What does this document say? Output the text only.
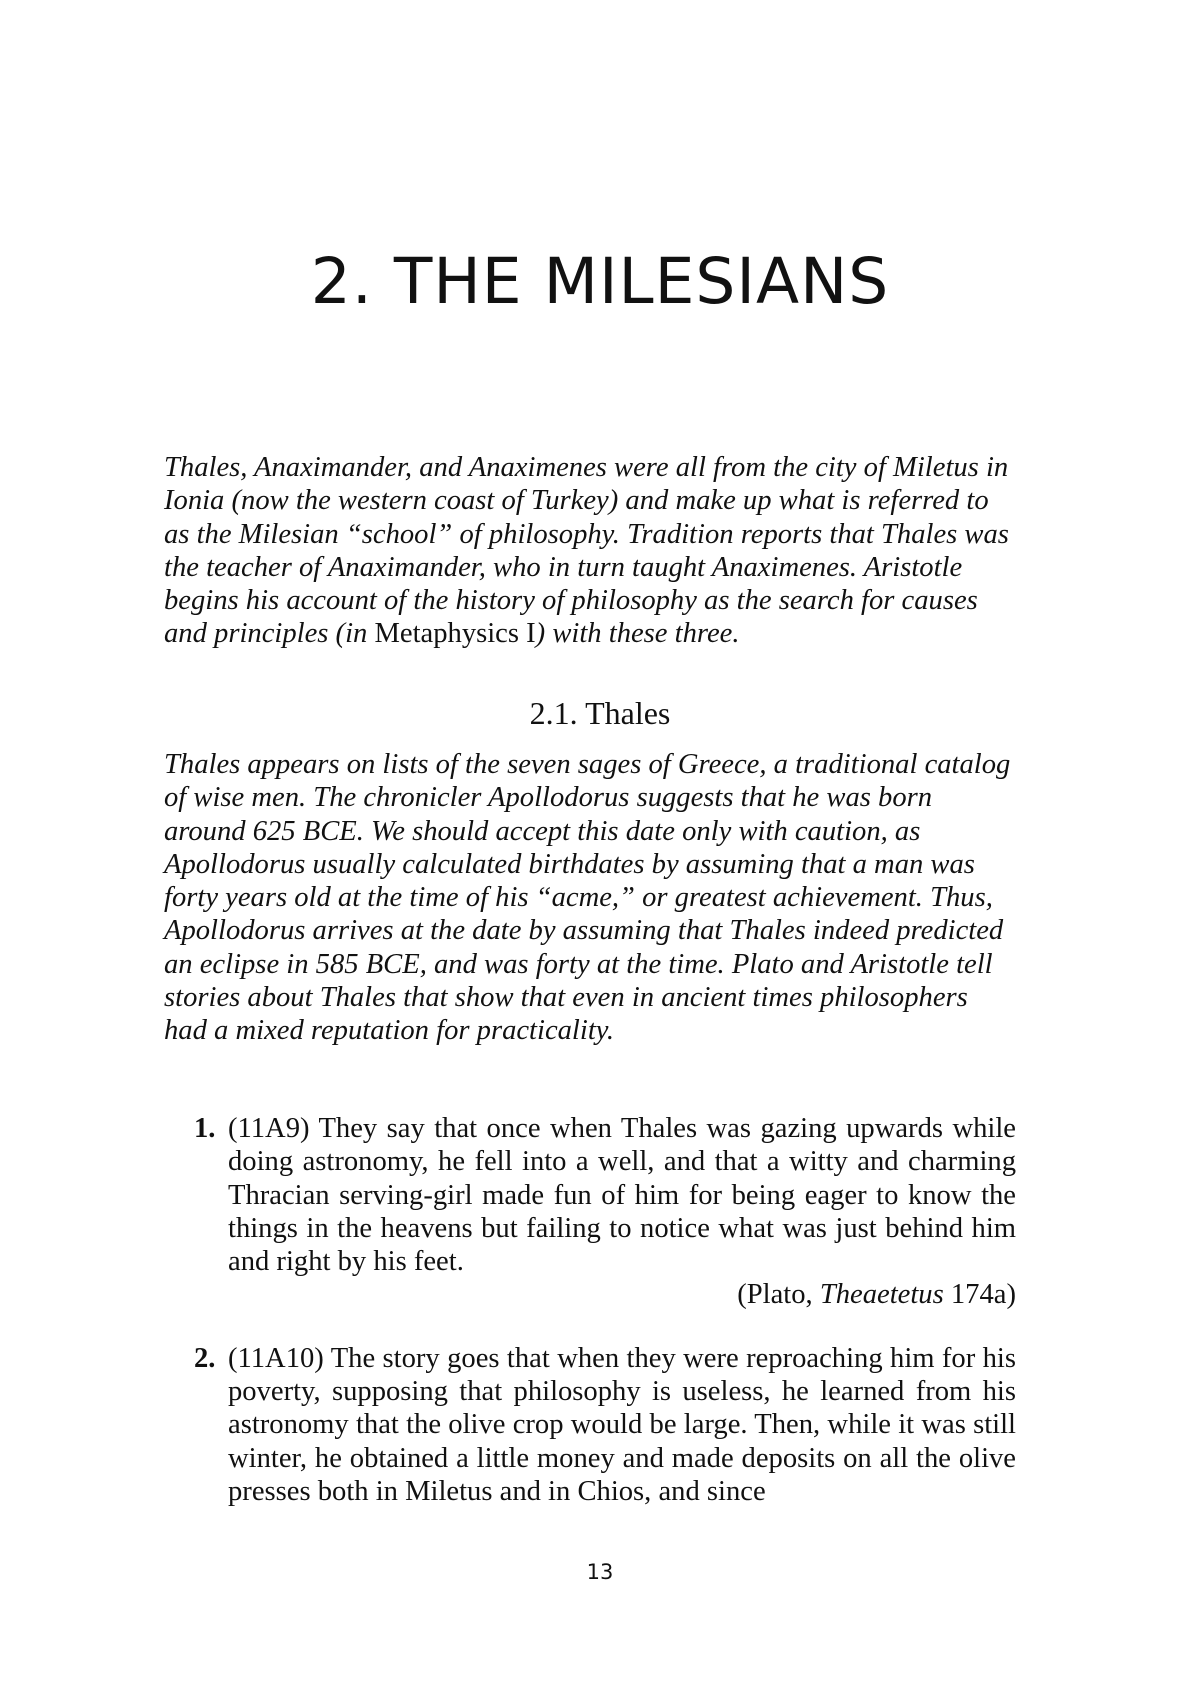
2. THE MILESIANS

Thales, Anaximander, and Anaximenes were all from the city of Miletus in Ionia (now the western coast of Turkey) and make up what is referred to as the Milesian “school” of philosophy. Tradition reports that Thales was the teacher of Anaximander, who in turn taught Anaximenes. Aristotle begins his account of the history of philosophy as the search for causes and principles (in Metaphysics I) with these three.

2.1. Thales

Thales appears on lists of the seven sages of Greece, a traditional catalog of wise men. The chronicler Apollodorus suggests that he was born around 625 BCE. We should accept this date only with caution, as Apollodorus usually calculated birthdates by assuming that a man was forty years old at the time of his “acme,” or greatest achievement. Thus, Apollodorus arrives at the date by assuming that Thales indeed predicted an eclipse in 585 BCE, and was forty at the time. Plato and Aristotle tell stories about Thales that show that even in ancient times philosophers had a mixed reputation for practicality.

1. (11A9) They say that once when Thales was gazing upwards while doing astronomy, he fell into a well, and that a witty and charming Thracian serving-girl made fun of him for being eager to know the things in the heavens but failing to notice what was just behind him and right by his feet.

(Plato, Theaetetus 174a)

2. (11A10) The story goes that when they were reproaching him for his poverty, supposing that philosophy is useless, he learned from his astronomy that the olive crop would be large. Then, while it was still winter, he obtained a little money and made deposits on all the olive presses both in Miletus and in Chios, and since

13
